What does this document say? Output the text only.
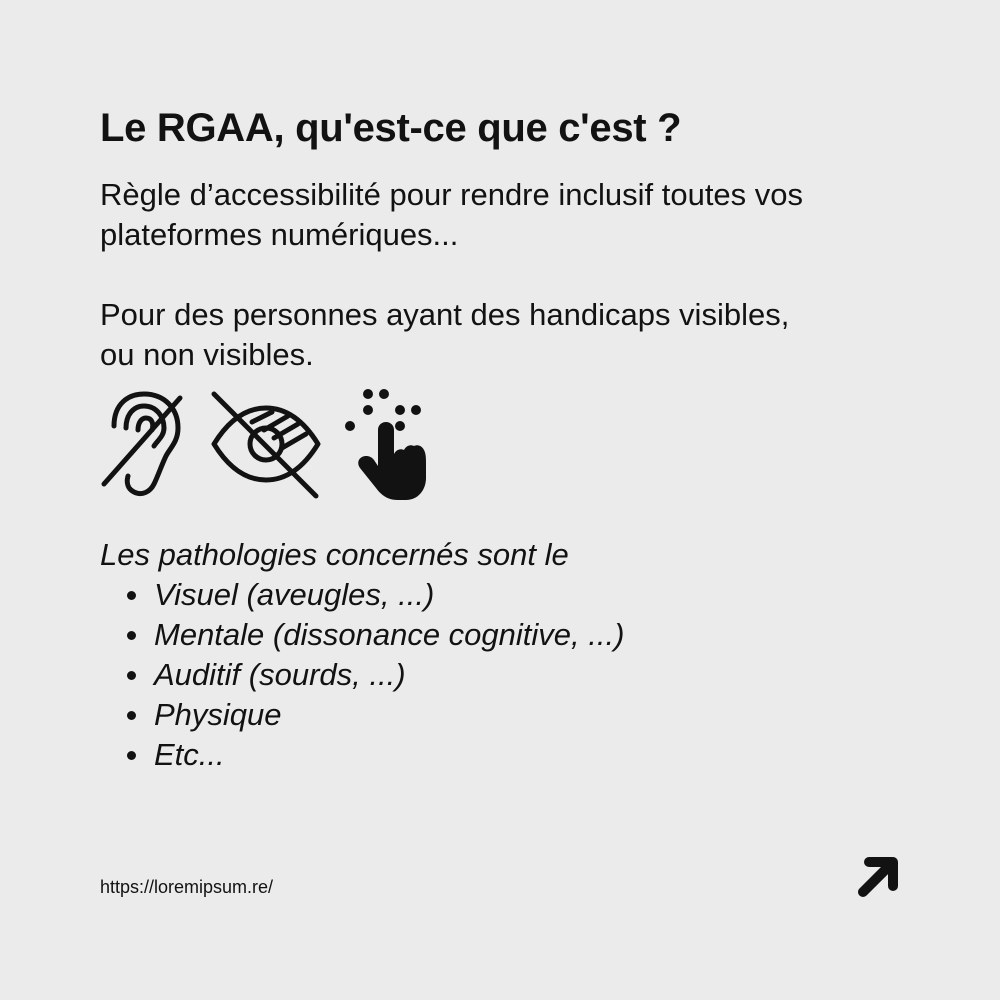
Le RGAA, qu'est-ce que c'est ?

Règle d’accessibilité pour rendre inclusif toutes vos
plateformes numériques...

Pour des personnes ayant des handicaps visibles,
ou non visibles.

Les pathologies concernés sont le

Visuel (aveugles, ...)
Mentale (dissonance cognitive, ...)
Auditif (sourds, ...)
Physique
Etc...

https://loremipsum.re/
